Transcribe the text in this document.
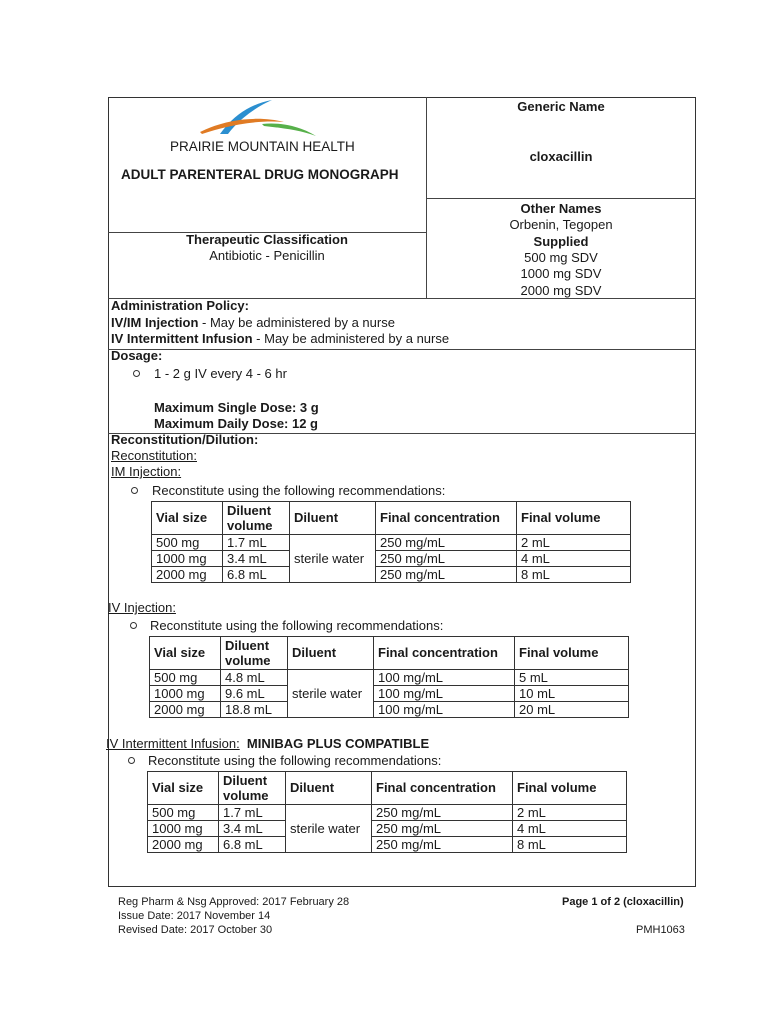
PRAIRIE MOUNTAIN HEALTH
ADULT PARENTERAL DRUG MONOGRAPH
Generic Name
cloxacillin
Other Names
Orbenin, Tegopen
Supplied
500 mg SDV
1000 mg SDV
2000 mg SDV
Therapeutic Classification
Antibiotic - Penicillin
Administration Policy:
IV/IM Injection - May be administered by a nurse
IV Intermittent Infusion - May be administered by a nurse
Dosage:
1 - 2 g IV every 4 - 6 hr
Maximum Single Dose: 3 g
Maximum Daily Dose: 12 g
Reconstitution/Dilution:
Reconstitution:
IM Injection:
Reconstitute using the following recommendations:
Vial size	Diluent volume	Diluent	Final concentration	Final volume
500 mg	1.7 mL	sterile water	250 mg/mL	2 mL
1000 mg	3.4 mL		250 mg/mL	4 mL
2000 mg	6.8 mL		250 mg/mL	8 mL
IV Injection:
Reconstitute using the following recommendations:
Vial size	Diluent volume	Diluent	Final concentration	Final volume
500 mg	4.8 mL	sterile water	100 mg/mL	5 mL
1000 mg	9.6 mL		100 mg/mL	10 mL
2000 mg	18.8 mL		100 mg/mL	20 mL
IV Intermittent Infusion: MINIBAG PLUS COMPATIBLE
Reconstitute using the following recommendations:
Vial size	Diluent volume	Diluent	Final concentration	Final volume
500 mg	1.7 mL	sterile water	250 mg/mL	2 mL
1000 mg	3.4 mL		250 mg/mL	4 mL
2000 mg	6.8 mL		250 mg/mL	8 mL
Reg Pharm & Nsg Approved: 2017 February 28
Issue Date: 2017 November 14
Revised Date: 2017 October 30
Page 1 of 2 (cloxacillin)
PMH1063
